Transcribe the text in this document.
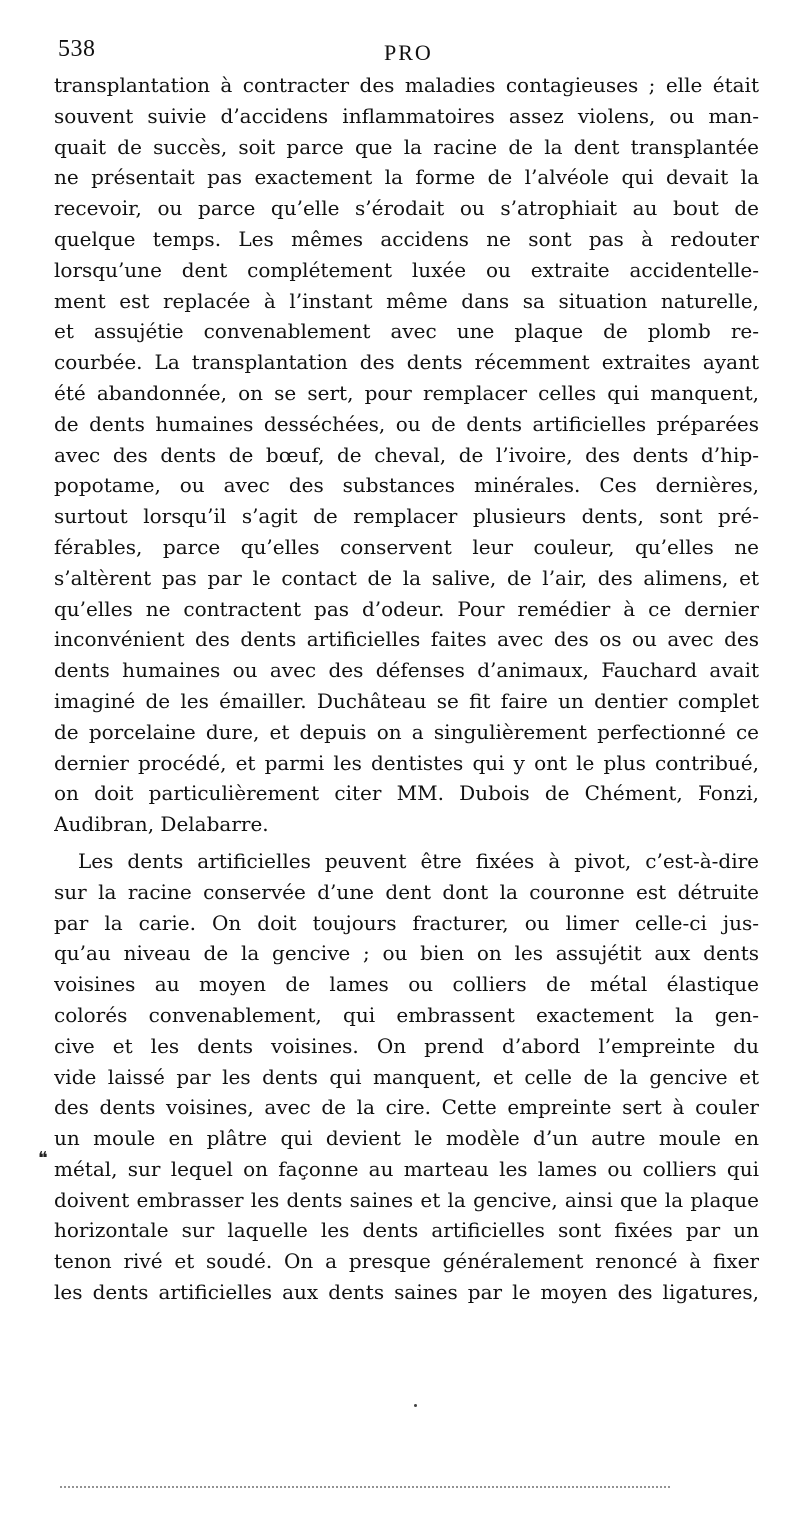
538	PRO
transplantation à contracter des maladies contagieuses ; elle était
souvent suivie d’accidens inflammatoires assez violens, ou man-
quait de succès, soit parce que la racine de la dent transplantée
ne présentait pas exactement la forme de l’alvéole qui devait la
recevoir, ou parce qu’elle s’érodait ou s’atrophiait au bout de
quelque temps. Les mêmes accidens ne sont pas à redouter
lorsqu’une dent complétement luxée ou extraite accidentelle-
ment est replacée à l’instant même dans sa situation naturelle,
et assujétie convenablement avec une plaque de plomb re-
courbée. La transplantation des dents récemment extraites ayant
été abandonnée, on se sert, pour remplacer celles qui manquent,
de dents humaines desséchées, ou de dents artificielles préparées
avec des dents de bœuf, de cheval, de l’ivoire, des dents d’hip-
popotame, ou avec des substances minérales. Ces dernières,
surtout lorsqu’il s’agit de remplacer plusieurs dents, sont pré-
férables, parce qu’elles conservent leur couleur, qu’elles ne
s’altèrent pas par le contact de la salive, de l’air, des alimens, et
qu’elles ne contractent pas d’odeur. Pour remédier à ce dernier
inconvénient des dents artificielles faites avec des os ou avec des
dents humaines ou avec des défenses d’animaux, Fauchard avait
imaginé de les émailler. Duchâteau se fit faire un dentier complet
de porcelaine dure, et depuis on a singulièrement perfectionné ce
dernier procédé, et parmi les dentistes qui y ont le plus contribué,
on doit particulièrement citer MM. Dubois de Chément, Fonzi,
Audibran, Delabarre.
Les dents artificielles peuvent être fixées à pivot, c’est-à-dire
sur la racine conservée d’une dent dont la couronne est détruite
par la carie. On doit toujours fracturer, ou limer celle-ci jus-
qu’au niveau de la gencive ; ou bien on les assujétit aux dents
voisines au moyen de lames ou colliers de métal élastique
colorés convenablement, qui embrassent exactement la gen-
cive et les dents voisines. On prend d’abord l’empreinte du
vide laissé par les dents qui manquent, et celle de la gencive et
des dents voisines, avec de la cire. Cette empreinte sert à couler
un moule en plâtre qui devient le modèle d’un autre moule en
métal, sur lequel on façonne au marteau les lames ou colliers qui
doivent embrasser les dents saines et la gencive, ainsi que la plaque
horizontale sur laquelle les dents artificielles sont fixées par un
tenon rivé et soudé. On a presque généralement renoncé à fixer
les dents artificielles aux dents saines par le moyen des ligatures,
❝
